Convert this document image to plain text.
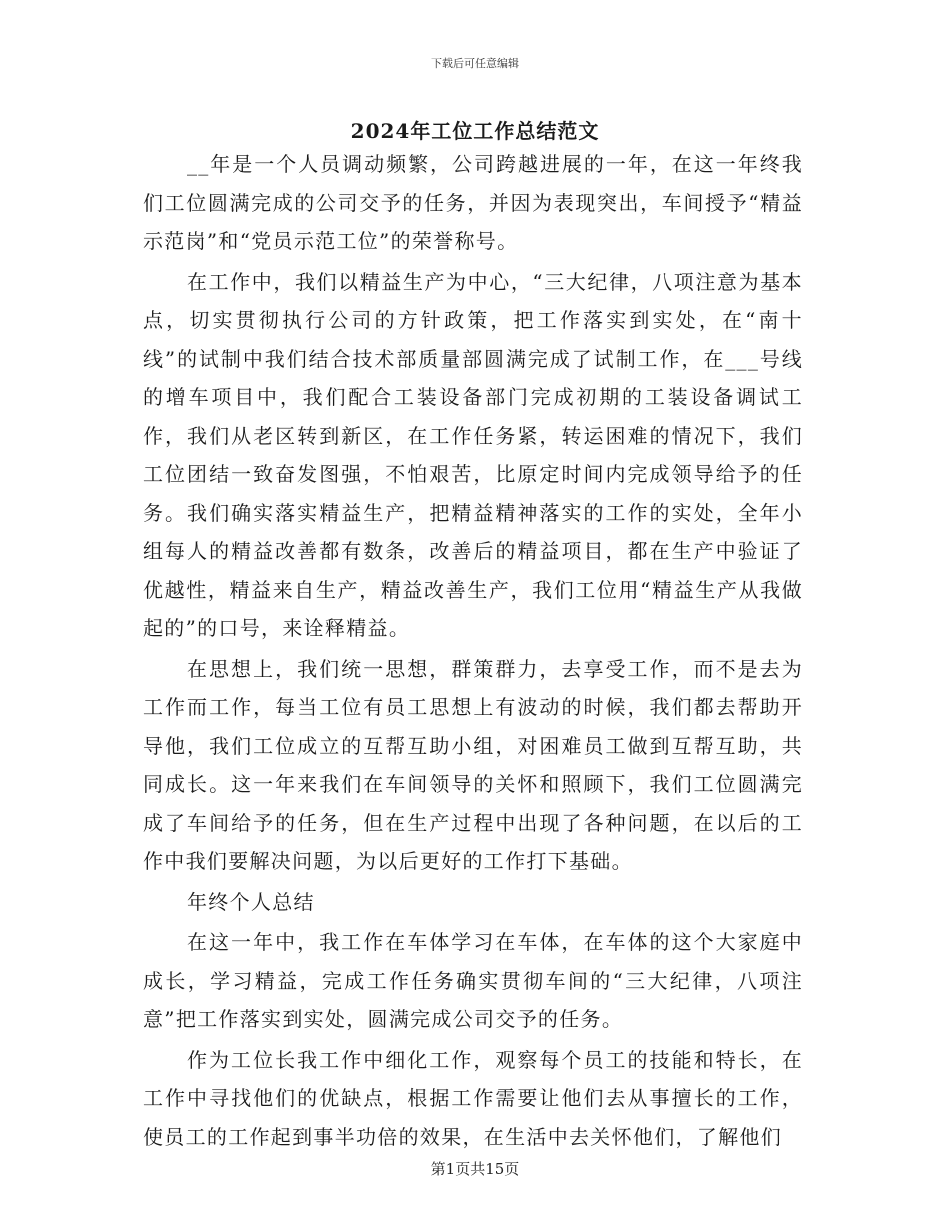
下载后可任意编辑
2024年工位工作总结范文

__年是一个人员调动频繁，公司跨越进展的一年，在这一年终我们工位圆满完成的公司交予的任务，并因为表现突出，车间授予“精益示范岗”和“党员示范工位”的荣誉称号。

在工作中，我们以精益生产为中心，“三大纪律，八项注意为基本点，切实贯彻执行公司的方针政策，把工作落实到实处，在“南十线”的试制中我们结合技术部质量部圆满完成了试制工作，在___号线的增车项目中，我们配合工装设备部门完成初期的工装设备调试工作，我们从老区转到新区，在工作任务紧，转运困难的情况下，我们工位团结一致奋发图强，不怕艰苦，比原定时间内完成领导给予的任务。我们确实落实精益生产，把精益精神落实的工作的实处，全年小组每人的精益改善都有数条，改善后的精益项目，都在生产中验证了优越性，精益来自生产，精益改善生产，我们工位用“精益生产从我做起的”的口号，来诠释精益。

在思想上，我们统一思想，群策群力，去享受工作，而不是去为工作而工作，每当工位有员工思想上有波动的时候，我们都去帮助开导他，我们工位成立的互帮互助小组，对困难员工做到互帮互助，共同成长。这一年来我们在车间领导的关怀和照顾下，我们工位圆满完成了车间给予的任务，但在生产过程中出现了各种问题，在以后的工作中我们要解决问题，为以后更好的工作打下基础。

年终个人总结

在这一年中，我工作在车体学习在车体，在车体的这个大家庭中成长，学习精益，完成工作任务确实贯彻车间的“三大纪律，八项注意”把工作落实到实处，圆满完成公司交予的任务。

作为工位长我工作中细化工作，观察每个员工的技能和特长，在工作中寻找他们的优缺点，根据工作需要让他们去从事擅长的工作，使员工的工作起到事半功倍的效果，在生活中去关怀他们，了解他们

第1页共15页
